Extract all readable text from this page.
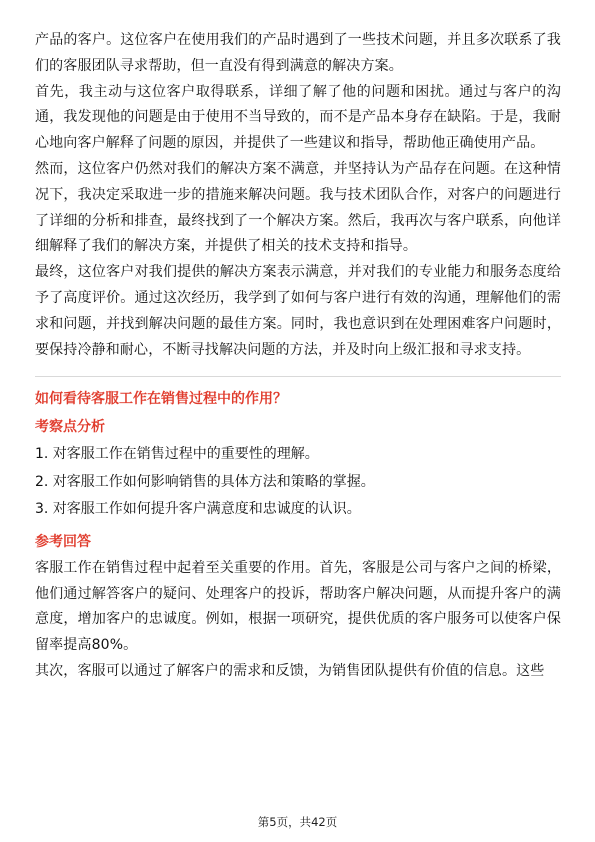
产品的客户。这位客户在使用我们的产品时遇到了一些技术问题，并且多次联系了我们的客服团队寻求帮助，但一直没有得到满意的解决方案。

首先，我主动与这位客户取得联系，详细了解了他的问题和困扰。通过与客户的沟通，我发现他的问题是由于使用不当导致的，而不是产品本身存在缺陷。于是，我耐心地向客户解释了问题的原因，并提供了一些建议和指导，帮助他正确使用产品。

然而，这位客户仍然对我们的解决方案不满意，并坚持认为产品存在问题。在这种情况下，我决定采取进一步的措施来解决问题。我与技术团队合作，对客户的问题进行了详细的分析和排查，最终找到了一个解决方案。然后，我再次与客户联系，向他详细解释了我们的解决方案，并提供了相关的技术支持和指导。

最终，这位客户对我们提供的解决方案表示满意，并对我们的专业能力和服务态度给予了高度评价。通过这次经历，我学到了如何与客户进行有效的沟通，理解他们的需求和问题，并找到解决问题的最佳方案。同时，我也意识到在处理困难客户问题时，要保持冷静和耐心，不断寻找解决问题的方法，并及时向上级汇报和寻求支持。

如何看待客服工作在销售过程中的作用？

考察点分析

1. 对客服工作在销售过程中的重要性的理解。

2. 对客服工作如何影响销售的具体方法和策略的掌握。

3. 对客服工作如何提升客户满意度和忠诚度的认识。

参考回答

客服工作在销售过程中起着至关重要的作用。首先，客服是公司与客户之间的桥梁，他们通过解答客户的疑问、处理客户的投诉，帮助客户解决问题，从而提升客户的满意度，增加客户的忠诚度。例如，根据一项研究，提供优质的客户服务可以使客户保留率提高80%。

其次，客服可以通过了解客户的需求和反馈，为销售团队提供有价值的信息。这些

第5页，共42页
